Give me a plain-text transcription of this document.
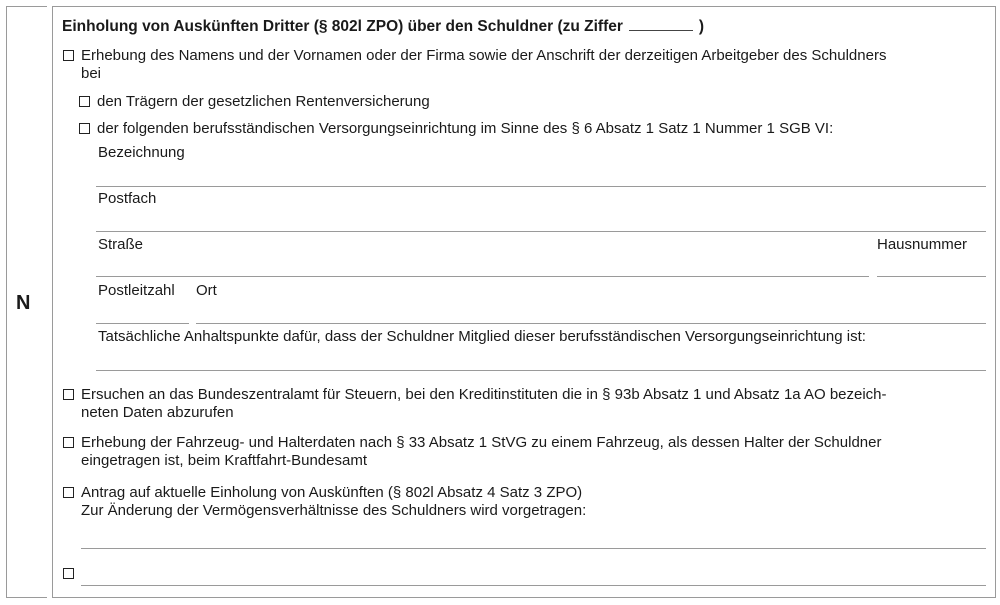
N
Einholung von Auskünften Dritter (§ 802l ZPO) über den Schuldner (zu Ziffer	)
Erhebung des Namens und der Vornamen oder der Firma sowie der Anschrift der derzeitigen Arbeitgeber des Schuldners
bei
den Trägern der gesetzlichen Rentenversicherung
der folgenden berufsständischen Versorgungseinrichtung im Sinne des § 6 Absatz 1 Satz 1 Nummer 1 SGB VI:
Bezeichnung
Postfach
Straße	Hausnummer
Postleitzahl Ort
Tatsächliche Anhaltspunkte dafür, dass der Schuldner Mitglied dieser berufsständischen Versorgungseinrichtung ist:
Ersuchen an das Bundeszentralamt für Steuern, bei den Kreditinstituten die in § 93b Absatz 1 und Absatz 1a AO bezeich-
neten Daten abzurufen
Erhebung der Fahrzeug- und Halterdaten nach § 33 Absatz 1 StVG zu einem Fahrzeug, als dessen Halter der Schuldner
eingetragen ist, beim Kraftfahrt-Bundesamt
Antrag auf aktuelle Einholung von Auskünften (§ 802l Absatz 4 Satz 3 ZPO)
Zur Änderung der Vermögensverhältnisse des Schuldners wird vorgetragen:
